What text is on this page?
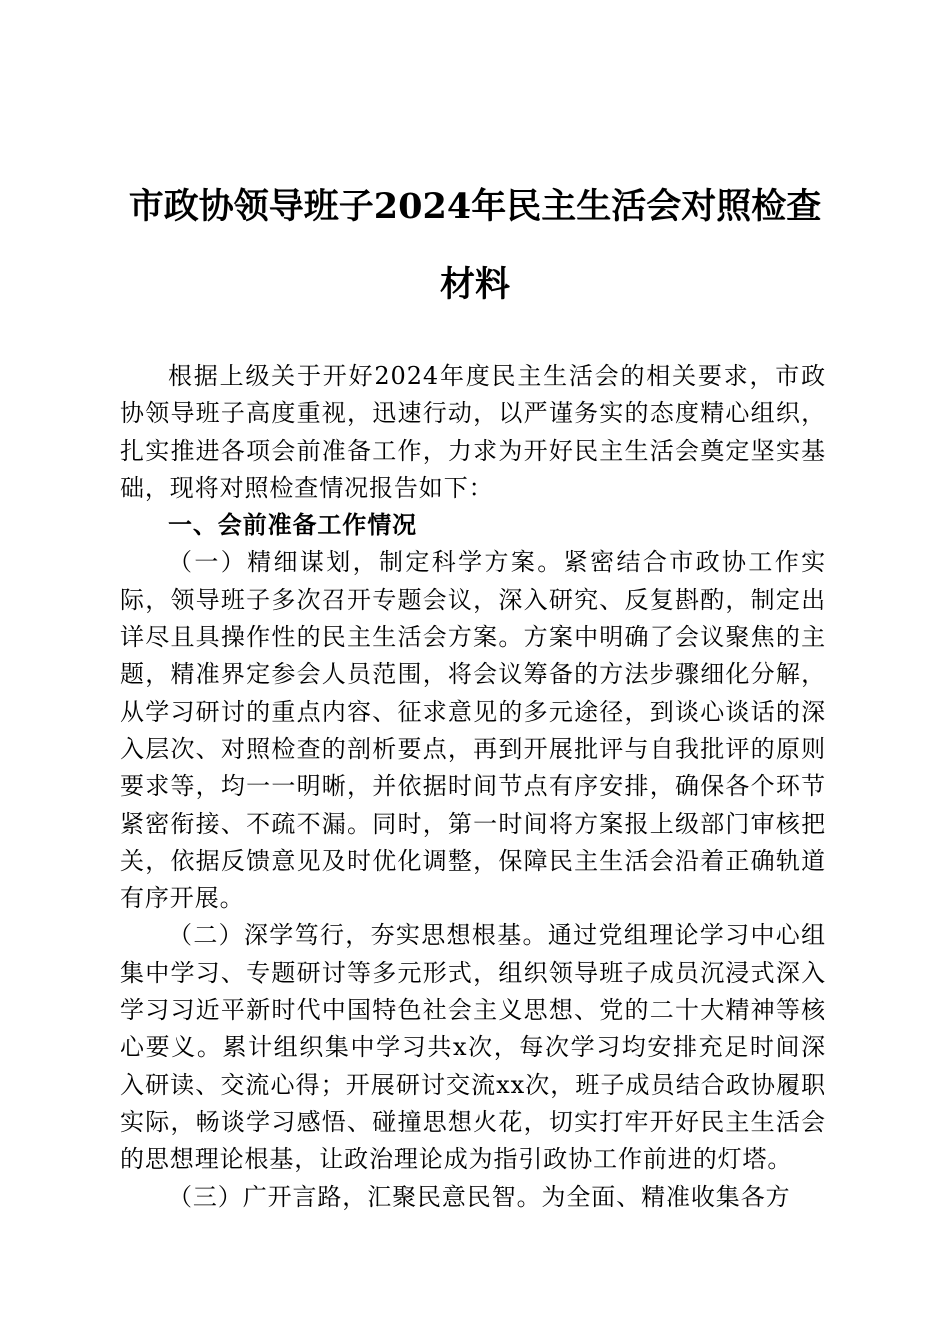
市政协领导班子2024年民主生活会对照检查
材料

根据上级关于开好2024年度民主生活会的相关要求，市政协领导班子高度重视，迅速行动，以严谨务实的态度精心组织，扎实推进各项会前准备工作，力求为开好民主生活会奠定坚实基础，现将对照检查情况报告如下：

一、会前准备工作情况

（一）精细谋划，制定科学方案。紧密结合市政协工作实际，领导班子多次召开专题会议，深入研究、反复斟酌，制定出详尽且具操作性的民主生活会方案。方案中明确了会议聚焦的主题，精准界定参会人员范围，将会议筹备的方法步骤细化分解，从学习研讨的重点内容、征求意见的多元途径，到谈心谈话的深入层次、对照检查的剖析要点，再到开展批评与自我批评的原则要求等，均一一明晰，并依据时间节点有序安排，确保各个环节紧密衔接、不疏不漏。同时，第一时间将方案报上级部门审核把关，依据反馈意见及时优化调整，保障民主生活会沿着正确轨道有序开展。

（二）深学笃行，夯实思想根基。通过党组理论学习中心组集中学习、专题研讨等多元形式，组织领导班子成员沉浸式深入学习习近平新时代中国特色社会主义思想、党的二十大精神等核心要义。累计组织集中学习共x次，每次学习均安排充足时间深入研读、交流心得；开展研讨交流xx次，班子成员结合政协履职实际，畅谈学习感悟、碰撞思想火花，切实打牢开好民主生活会的思想理论根基，让政治理论成为指引政协工作前进的灯塔。

（三）广开言路，汇聚民意民智。为全面、精准收集各方
